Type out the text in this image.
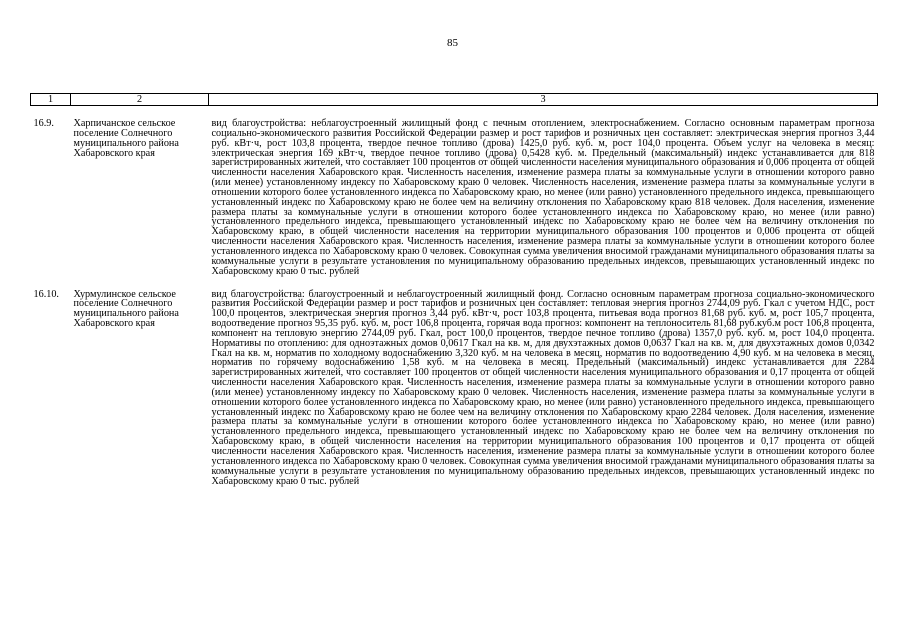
85
1	2	3
16.9.	Харпичанское сельское поселение Солнечного муниципального района Хабаровского края	вид благоустройства: неблагоустроенный жилищный фонд с печным отоплением, электроснабжением. Согласно основным параметрам прогноза социально-экономического развития Российской Федерации размер и рост тарифов и розничных цен составляет: электрическая энергия прогноз 3,44 руб. кВт·ч, рост 103,8 процента, твердое печное топливо (дрова) 1425,0 руб. куб. м, рост 104,0 процента. Объем услуг на человека в месяц: электрическая энергия 169 кВт·ч, твердое печное топливо (дрова) 0,5428 куб. м. Предельный (максимальный) индекс устанавливается для 818 зарегистрированных жителей, что составляет 100 процентов от общей численности населения муниципального образования и 0,006 процента от общей численности населения Хабаровского края. Численность населения, изменение размера платы за коммунальные услуги в отношении которого равно (или менее) установленному индексу по Хабаровскому краю 0 человек. Численность населения, изменение размера платы за коммунальные услуги в отношении которого более установленного индекса по Хабаровскому краю, но менее (или равно) установленного предельного индекса, превышающего установленный индекс по Хабаровскому краю не более чем на величину отклонения по Хабаровскому краю 818 человек. Доля населения, изменение размера платы за коммунальные услуги в отношении которого более установленного индекса по Хабаровскому краю, но менее (или равно) установленного предельного индекса, превышающего установленный индекс по Хабаровскому краю не более чем на величину отклонения по Хабаровскому краю, в общей численности населения на территории муниципального образования 100 процентов и 0,006 процента от общей численности населения Хабаровского края. Численность населения, изменение размера платы за коммунальные услуги в отношении которого более установленного индекса по Хабаровскому краю 0 человек. Совокупная сумма увеличения вносимой гражданами муниципального образования платы за коммунальные услуги в результате установления по муниципальному образованию предельных индексов, превышающих установленный индекс по Хабаровскому краю 0 тыс. рублей
16.10.	Хурмулинское сельское поселение Солнечного муниципального района Хабаровского края	вид благоустройства: благоустроенный и неблагоустроенный жилищный фонд. Согласно основным параметрам прогноза социально-экономического развития Российской Федерации размер и рост тарифов и розничных цен составляет: тепловая энергия прогноз 2744,09 руб. Гкал с учетом НДС, рост 100,0 процентов, электрическая энергия прогноз 3,44 руб. кВт·ч, рост 103,8 процента, питьевая вода прогноз 81,68 руб. куб. м, рост 105,7 процента, водоотведение прогноз 95,35 руб. куб. м, рост 106,8 процента, горячая вода прогноз: компонент на теплоноситель 81,68 руб.куб.м рост 106,8 процента, компонент на тепловую энергию 2744,09 руб. Гкал, рост 100,0 процентов, твердое печное топливо (дрова) 1357,0 руб. куб. м, рост 104,0 процента. Нормативы по отоплению: для одноэтажных домов 0,0617 Гкал на кв. м, для двухэтажных домов 0,0637 Гкал на кв. м, для двухэтажных домов 0,0342 Гкал на кв. м, норматив по холодному водоснабжению 3,320 куб. м на человека в месяц, норматив по водоотведению 4,90 куб. м на человека в месяц, норматив по горячему водоснабжению 1,58 куб. м на человека в месяц. Предельный (максимальный) индекс устанавливается для 2284 зарегистрированных жителей, что составляет 100 процентов от общей численности населения муниципального образования и 0,17 процента от общей численности населения Хабаровского края. Численность населения, изменение размера платы за коммунальные услуги в отношении которого равно (или менее) установленному индексу по Хабаровскому краю 0 человек. Численность населения, изменение размера платы за коммунальные услуги в отношении которого более установленного индекса по Хабаровскому краю, но менее (или равно) установленного предельного индекса, превышающего установленный индекс по Хабаровскому краю не более чем на величину отклонения по Хабаровскому краю 2284 человек. Доля населения, изменение размера платы за коммунальные услуги в отношении которого более установленного индекса по Хабаровскому краю, но менее (или равно) установленного предельного индекса, превышающего установленный индекс по Хабаровскому краю не более чем на величину отклонения по Хабаровскому краю, в общей численности населения на территории муниципального образования 100 процентов и 0,17 процента от общей численности населения Хабаровского края. Численность населения, изменение размера платы за коммунальные услуги в отношении которого более установленного индекса по Хабаровскому краю 0 человек. Совокупная сумма увеличения вносимой гражданами муниципального образования платы за коммунальные услуги в результате установления по муниципальному образованию предельных индексов, превышающих установленный индекс по Хабаровскому краю 0 тыс. рублей
